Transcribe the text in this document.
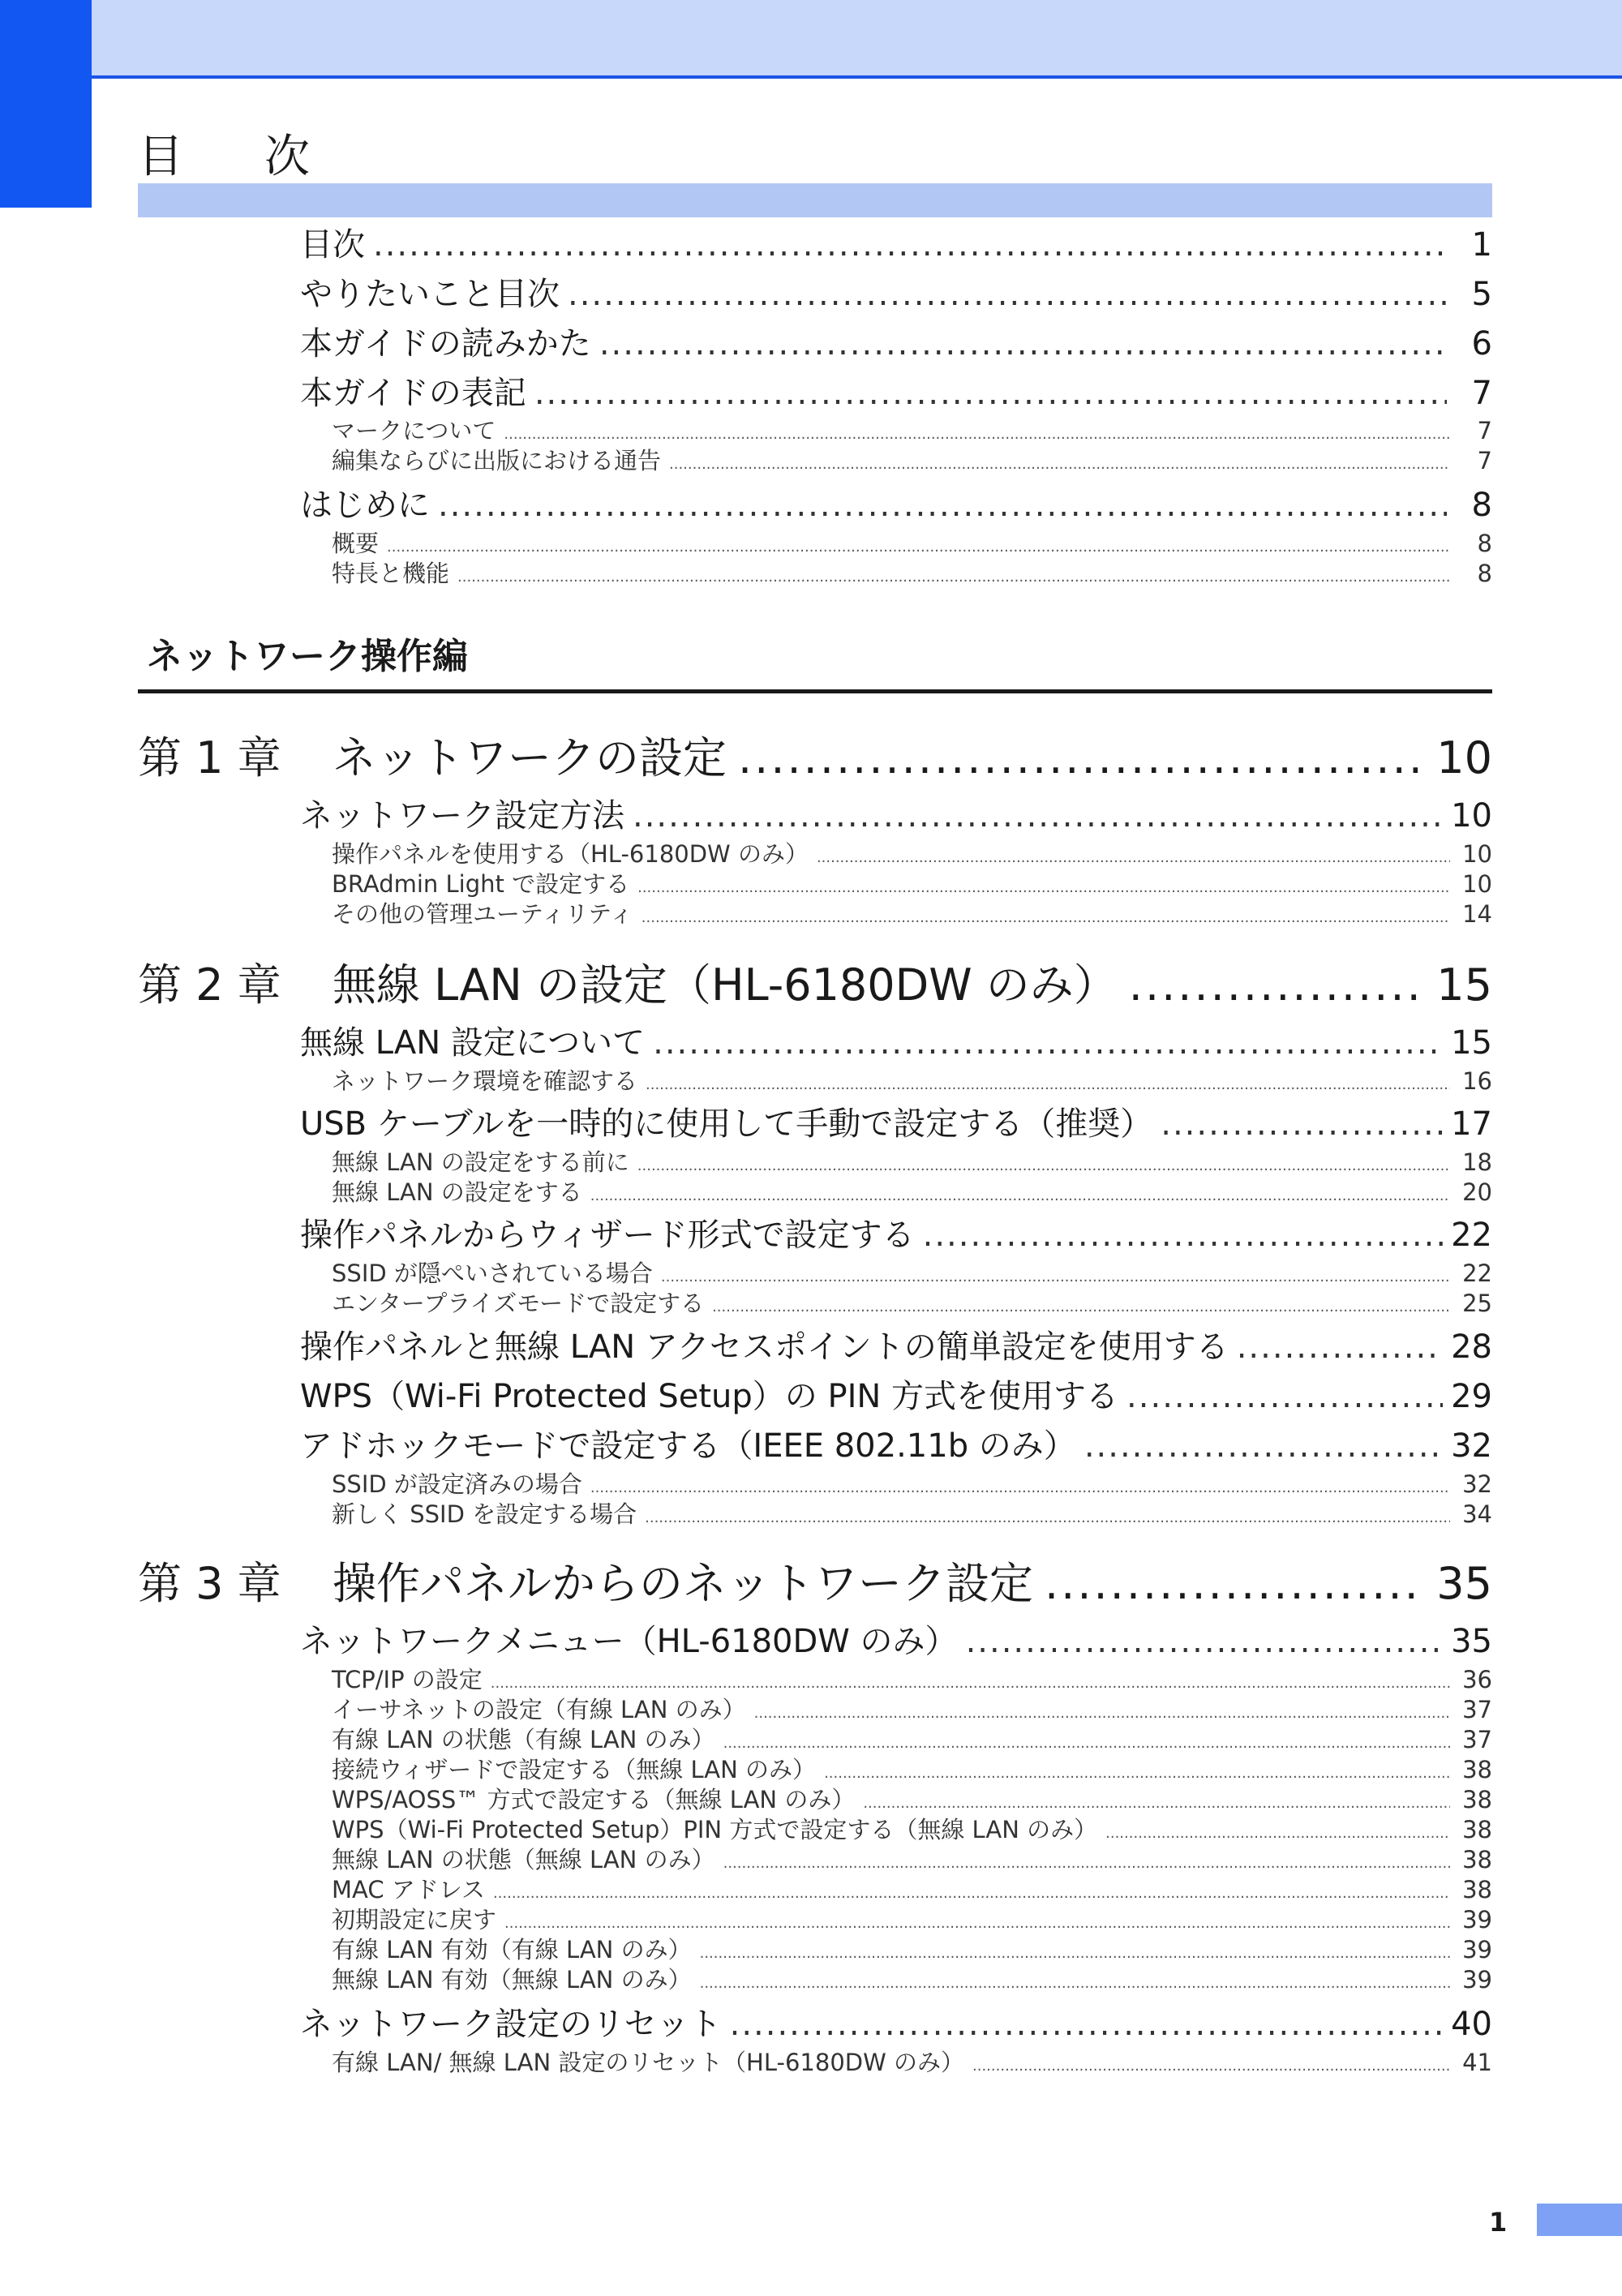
目　次
目次 .....	1
やりたいこと目次 .....	5
本ガイドの読みかた .....	6
本ガイドの表記 .....	7
マークについて .....	7
編集ならびに出版における通告 .....	7
はじめに .....	8
概要 .....	8
特長と機能 .....	8
ネットワーク操作編
第 1 章	ネットワークの設定 .....	10
ネットワーク設定方法 .....	10
操作パネルを使用する（HL-6180DW のみ） .....	10
BRAdmin Light で設定する .....	10
その他の管理ユーティリティ .....	14
第 2 章	無線 LAN の設定（HL-6180DW のみ） .....	15
無線 LAN 設定について .....	15
ネットワーク環境を確認する .....	16
USB ケーブルを一時的に使用して手動で設定する（推奨） .....	17
無線 LAN の設定をする前に .....	18
無線 LAN の設定をする .....	20
操作パネルからウィザード形式で設定する .....	22
SSID が隠ぺいされている場合 .....	22
エンタープライズモードで設定する .....	25
操作パネルと無線 LAN アクセスポイントの簡単設定を使用する .....	28
WPS（Wi-Fi Protected Setup）の PIN 方式を使用する .....	29
アドホックモードで設定する（IEEE 802.11b のみ） .....	32
SSID が設定済みの場合 .....	32
新しく SSID を設定する場合 .....	34
第 3 章	操作パネルからのネットワーク設定 .....	35
ネットワークメニュー（HL-6180DW のみ） .....	35
TCP/IP の設定 .....	36
イーサネットの設定（有線 LAN のみ） .....	37
有線 LAN の状態（有線 LAN のみ） .....	37
接続ウィザードで設定する（無線 LAN のみ） .....	38
WPS/AOSS™ 方式で設定する（無線 LAN のみ） .....	38
WPS（Wi-Fi Protected Setup）PIN 方式で設定する（無線 LAN のみ） .....	38
無線 LAN の状態（無線 LAN のみ） .....	38
MAC アドレス .....	38
初期設定に戻す .....	39
有線 LAN 有効（有線 LAN のみ） .....	39
無線 LAN 有効（無線 LAN のみ） .....	39
ネットワーク設定のリセット .....	40
有線 LAN/ 無線 LAN 設定のリセット（HL-6180DW のみ） .....	41
1
